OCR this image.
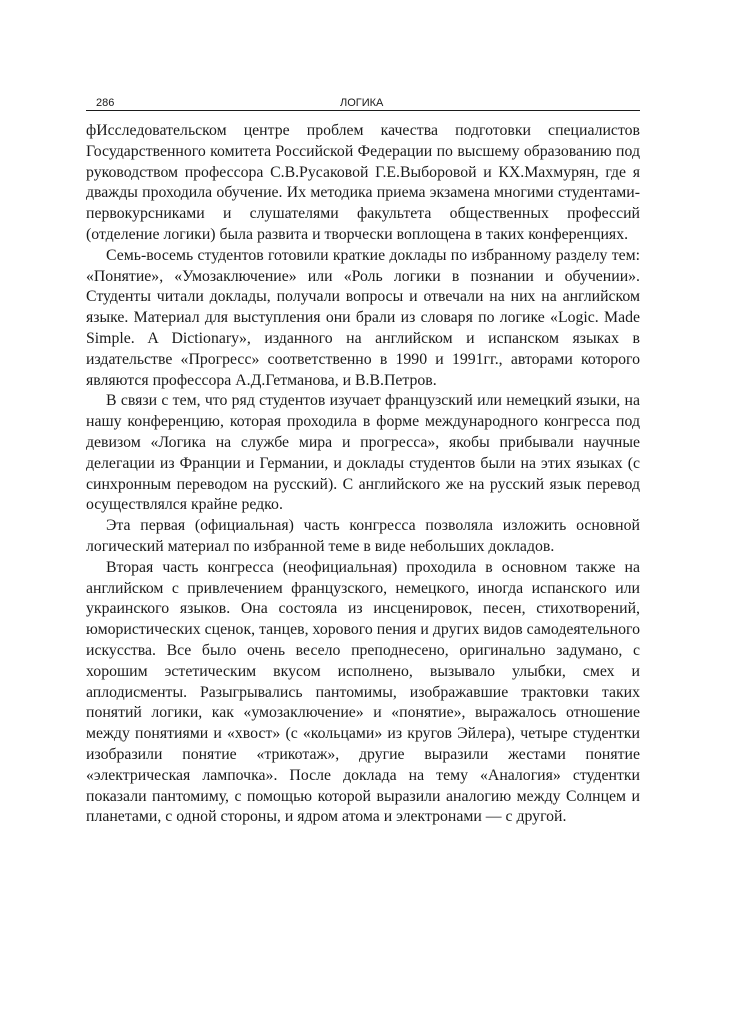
286	ЛОГИКА

фИсследовательском центре проблем качества подготовки специалистов Государственного комитета Российской Федерации по высшему образованию под руководством профессора С.В.Русаковой Г.Е.Выборовой и КХ.Махмурян, где я дважды проходила обучение. Их методика приема экзамена многими студентами-первокурсниками и слушателями факультета общественных профессий (отделение логики) была развита и творчески воплощена в таких конференциях.

Семь-восемь студентов готовили краткие доклады по избранному разделу тем: «Понятие», «Умозаключение» или «Роль логики в познании и обучении». Студенты читали доклады, получали вопросы и отвечали на них на английском языке. Материал для выступления они брали из словаря по логике «Logic. Made Simple. A Dictionary», изданного на английском и испанском языках в издательстве «Прогресс» соответственно в 1990 и 1991гг., авторами которого являются профессора А.Д.Гетманова, и В.В.Петров.

В связи с тем, что ряд студентов изучает французский или немецкий языки, на нашу конференцию, которая проходила в форме международного конгресса под девизом «Логика на службе мира и прогресса», якобы прибывали научные делегации из Франции и Германии, и доклады студентов были на этих языках (с синхронным переводом на русский). С английского же на русский язык перевод осуществлялся крайне редко.

Эта первая (официальная) часть конгресса позволяла изложить основной логический материал по избранной теме в виде небольших докладов.

Вторая часть конгресса (неофициальная) проходила в основном также на английском с привлечением французского, немецкого, иногда испанского или украинского языков. Она состояла из инсценировок, песен, стихотворений, юмористических сценок, танцев, хорового пения и других видов самодеятельного искусства. Все было очень весело преподнесено, оригинально задумано, с хорошим эстетическим вкусом исполнено, вызывало улыбки, смех и аплодисменты. Разыгрывались пантомимы, изображавшие трактовки таких понятий логики, как «умозаключение» и «понятие», выражалось отношение между понятиями и «хвост» (с «кольцами» из кругов Эйлера), четыре студентки изобразили понятие «трикотаж», другие выразили жестами понятие «электрическая лампочка». После доклада на тему «Аналогия» студентки показали пантомиму, с помощью которой выразили аналогию между Солнцем и планетами, с одной стороны, и ядром атома и электронами — с другой.
